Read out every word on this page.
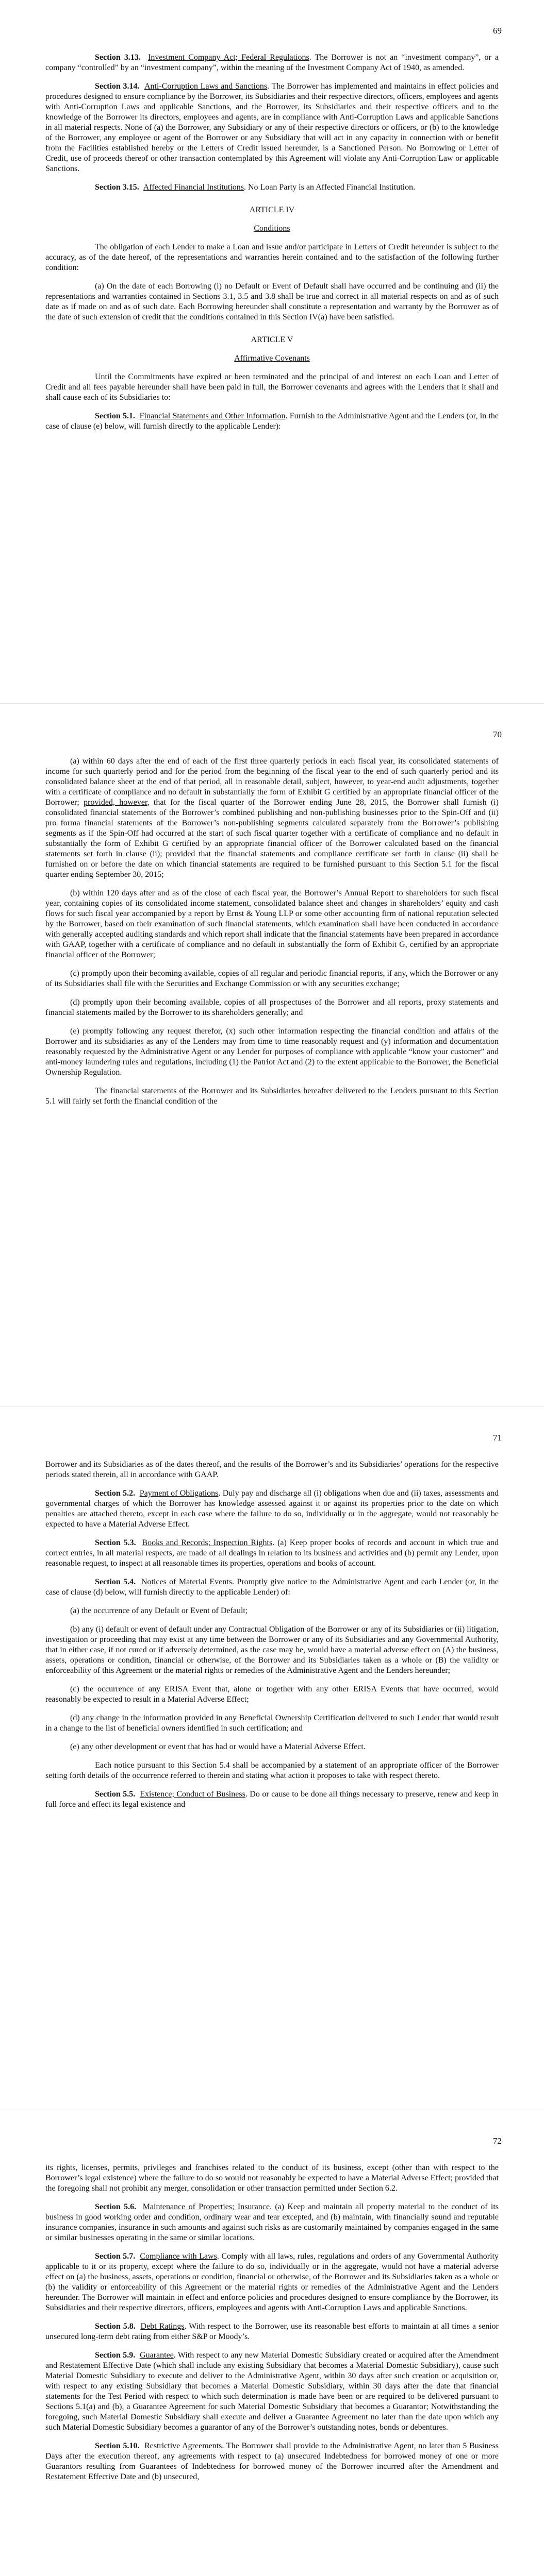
69

Section 3.13. Investment Company Act; Federal Regulations. The Borrower is not an “investment company”, or a company “controlled” by an “investment company”, within the meaning of the Investment Company Act of 1940, as amended.

Section 3.14. Anti-Corruption Laws and Sanctions. The Borrower has implemented and maintains in effect policies and procedures designed to ensure compliance by the Borrower, its Subsidiaries and their respective directors, officers, employees and agents with Anti-Corruption Laws and applicable Sanctions, and the Borrower, its Subsidiaries and their respective officers and to the knowledge of the Borrower its directors, employees and agents, are in compliance with Anti-Corruption Laws and applicable Sanctions in all material respects. None of (a) the Borrower, any Subsidiary or any of their respective directors or officers, or (b) to the knowledge of the Borrower, any employee or agent of the Borrower or any Subsidiary that will act in any capacity in connection with or benefit from the Facilities established hereby or the Letters of Credit issued hereunder, is a Sanctioned Person. No Borrowing or Letter of Credit, use of proceeds thereof or other transaction contemplated by this Agreement will violate any Anti-Corruption Law or applicable Sanctions.

Section 3.15. Affected Financial Institutions. No Loan Party is an Affected Financial Institution.

ARTICLE IV

Conditions

The obligation of each Lender to make a Loan and issue and/or participate in Letters of Credit hereunder is subject to the accuracy, as of the date hereof, of the representations and warranties herein contained and to the satisfaction of the following further condition:

(a) On the date of each Borrowing (i) no Default or Event of Default shall have occurred and be continuing and (ii) the representations and warranties contained in Sections 3.1, 3.5 and 3.8 shall be true and correct in all material respects on and as of such date as if made on and as of such date. Each Borrowing hereunder shall constitute a representation and warranty by the Borrower as of the date of such extension of credit that the conditions contained in this Section IV(a) have been satisfied.

ARTICLE V

Affirmative Covenants

Until the Commitments have expired or been terminated and the principal of and interest on each Loan and Letter of Credit and all fees payable hereunder shall have been paid in full, the Borrower covenants and agrees with the Lenders that it shall and shall cause each of its Subsidiaries to:

Section 5.1. Financial Statements and Other Information. Furnish to the Administrative Agent and the Lenders (or, in the case of clause (e) below, will furnish directly to the applicable Lender):

70

(a) within 60 days after the end of each of the first three quarterly periods in each fiscal year, its consolidated statements of income for such quarterly period and for the period from the beginning of the fiscal year to the end of such quarterly period and its consolidated balance sheet at the end of that period, all in reasonable detail, subject, however, to year-end audit adjustments, together with a certificate of compliance and no default in substantially the form of Exhibit G certified by an appropriate financial officer of the Borrower; provided, however, that for the fiscal quarter of the Borrower ending June 28, 2015, the Borrower shall furnish (i) consolidated financial statements of the Borrower’s combined publishing and non-publishing businesses prior to the Spin-Off and (ii) pro forma financial statements of the Borrower’s non-publishing segments calculated separately from the Borrower’s publishing segments as if the Spin-Off had occurred at the start of such fiscal quarter together with a certificate of compliance and no default in substantially the form of Exhibit G certified by an appropriate financial officer of the Borrower calculated based on the financial statements set forth in clause (ii); provided that the financial statements and compliance certificate set forth in clause (ii) shall be furnished on or before the date on which financial statements are required to be furnished pursuant to this Section 5.1 for the fiscal quarter ending September 30, 2015;

(b) within 120 days after and as of the close of each fiscal year, the Borrower’s Annual Report to shareholders for such fiscal year, containing copies of its consolidated income statement, consolidated balance sheet and changes in shareholders’ equity and cash flows for such fiscal year accompanied by a report by Ernst & Young LLP or some other accounting firm of national reputation selected by the Borrower, based on their examination of such financial statements, which examination shall have been conducted in accordance with generally accepted auditing standards and which report shall indicate that the financial statements have been prepared in accordance with GAAP, together with a certificate of compliance and no default in substantially the form of Exhibit G, certified by an appropriate financial officer of the Borrower;

(c) promptly upon their becoming available, copies of all regular and periodic financial reports, if any, which the Borrower or any of its Subsidiaries shall file with the Securities and Exchange Commission or with any securities exchange;

(d) promptly upon their becoming available, copies of all prospectuses of the Borrower and all reports, proxy statements and financial statements mailed by the Borrower to its shareholders generally; and

(e) promptly following any request therefor, (x) such other information respecting the financial condition and affairs of the Borrower and its subsidiaries as any of the Lenders may from time to time reasonably request and (y) information and documentation reasonably requested by the Administrative Agent or any Lender for purposes of compliance with applicable “know your customer” and anti-money laundering rules and regulations, including (1) the Patriot Act and (2) to the extent applicable to the Borrower, the Beneficial Ownership Regulation.

The financial statements of the Borrower and its Subsidiaries hereafter delivered to the Lenders pursuant to this Section 5.1 will fairly set forth the financial condition of the

71

Borrower and its Subsidiaries as of the dates thereof, and the results of the Borrower’s and its Subsidiaries’ operations for the respective periods stated therein, all in accordance with GAAP.

Section 5.2. Payment of Obligations. Duly pay and discharge all (i) obligations when due and (ii) taxes, assessments and governmental charges of which the Borrower has knowledge assessed against it or against its properties prior to the date on which penalties are attached thereto, except in each case where the failure to do so, individually or in the aggregate, would not reasonably be expected to have a Material Adverse Effect.

Section 5.3. Books and Records; Inspection Rights. (a) Keep proper books of records and account in which true and correct entries, in all material respects, are made of all dealings in relation to its business and activities and (b) permit any Lender, upon reasonable request, to inspect at all reasonable times its properties, operations and books of account.

Section 5.4. Notices of Material Events. Promptly give notice to the Administrative Agent and each Lender (or, in the case of clause (d) below, will furnish directly to the applicable Lender) of:

(a) the occurrence of any Default or Event of Default;

(b) any (i) default or event of default under any Contractual Obligation of the Borrower or any of its Subsidiaries or (ii) litigation, investigation or proceeding that may exist at any time between the Borrower or any of its Subsidiaries and any Governmental Authority, that in either case, if not cured or if adversely determined, as the case may be, would have a material adverse effect on (A) the business, assets, operations or condition, financial or otherwise, of the Borrower and its Subsidiaries taken as a whole or (B) the validity or enforceability of this Agreement or the material rights or remedies of the Administrative Agent and the Lenders hereunder;

(c) the occurrence of any ERISA Event that, alone or together with any other ERISA Events that have occurred, would reasonably be expected to result in a Material Adverse Effect;

(d) any change in the information provided in any Beneficial Ownership Certification delivered to such Lender that would result in a change to the list of beneficial owners identified in such certification; and

(e) any other development or event that has had or would have a Material Adverse Effect.

Each notice pursuant to this Section 5.4 shall be accompanied by a statement of an appropriate officer of the Borrower setting forth details of the occurrence referred to therein and stating what action it proposes to take with respect thereto.

Section 5.5. Existence; Conduct of Business. Do or cause to be done all things necessary to preserve, renew and keep in full force and effect its legal existence and

72

its rights, licenses, permits, privileges and franchises related to the conduct of its business, except (other than with respect to the Borrower’s legal existence) where the failure to do so would not reasonably be expected to have a Material Adverse Effect; provided that the foregoing shall not prohibit any merger, consolidation or other transaction permitted under Section 6.2.

Section 5.6. Maintenance of Properties; Insurance. (a) Keep and maintain all property material to the conduct of its business in good working order and condition, ordinary wear and tear excepted, and (b) maintain, with financially sound and reputable insurance companies, insurance in such amounts and against such risks as are customarily maintained by companies engaged in the same or similar businesses operating in the same or similar locations.

Section 5.7. Compliance with Laws. Comply with all laws, rules, regulations and orders of any Governmental Authority applicable to it or its property, except where the failure to do so, individually or in the aggregate, would not have a material adverse effect on (a) the business, assets, operations or condition, financial or otherwise, of the Borrower and its Subsidiaries taken as a whole or (b) the validity or enforceability of this Agreement or the material rights or remedies of the Administrative Agent and the Lenders hereunder. The Borrower will maintain in effect and enforce policies and procedures designed to ensure compliance by the Borrower, its Subsidiaries and their respective directors, officers, employees and agents with Anti-Corruption Laws and applicable Sanctions.

Section 5.8. Debt Ratings. With respect to the Borrower, use its reasonable best efforts to maintain at all times a senior unsecured long-term debt rating from either S&P or Moody’s.

Section 5.9. Guarantee. With respect to any new Material Domestic Subsidiary created or acquired after the Amendment and Restatement Effective Date (which shall include any existing Subsidiary that becomes a Material Domestic Subsidiary), cause such Material Domestic Subsidiary to execute and deliver to the Administrative Agent, within 30 days after such creation or acquisition or, with respect to any existing Subsidiary that becomes a Material Domestic Subsidiary, within 30 days after the date that financial statements for the Test Period with respect to which such determination is made have been or are required to be delivered pursuant to Sections 5.1(a) and (b), a Guarantee Agreement for such Material Domestic Subsidiary that becomes a Guarantor; Notwithstanding the foregoing, such Material Domestic Subsidiary shall execute and deliver a Guarantee Agreement no later than the date upon which any such Material Domestic Subsidiary becomes a guarantor of any of the Borrower’s outstanding notes, bonds or debentures.

Section 5.10. Restrictive Agreements. The Borrower shall provide to the Administrative Agent, no later than 5 Business Days after the execution thereof, any agreements with respect to (a) unsecured Indebtedness for borrowed money of one or more Guarantors resulting from Guarantees of Indebtedness for borrowed money of the Borrower incurred after the Amendment and Restatement Effective Date and (b) unsecured,
